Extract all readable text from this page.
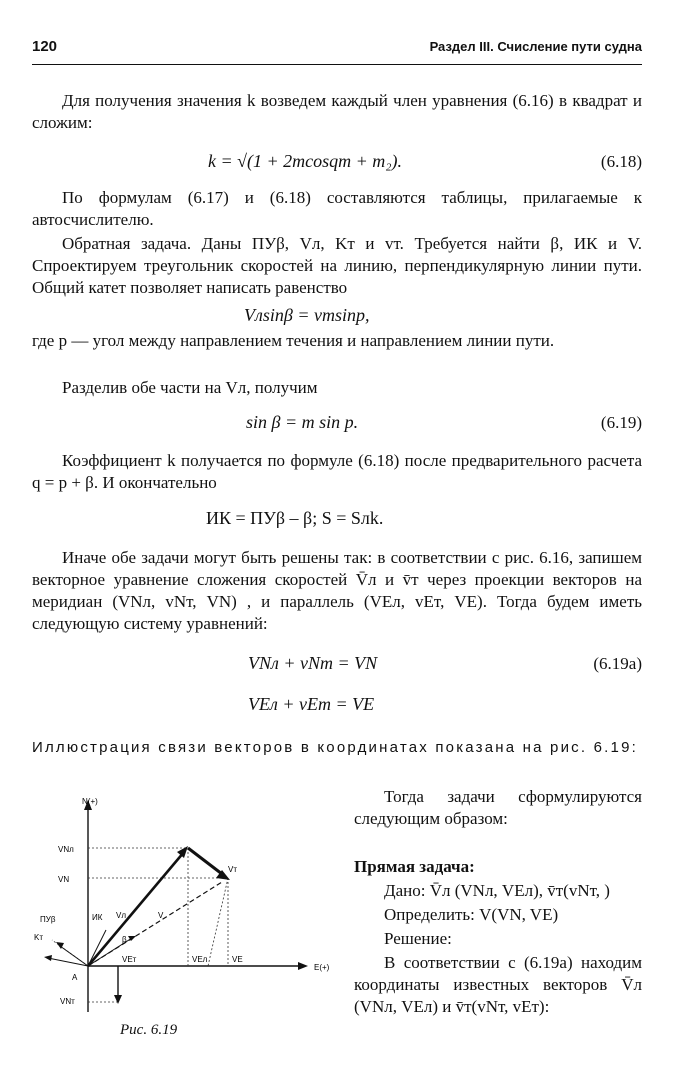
120	Раздел III. Счисление пути судна
Для получения значения k возведем каждый член уравнения (6.16) в квадрат и сложим:
k = √(1 + 2mcosqт + m₂).	(6.18)
По формулам (6.17) и (6.18) составляются таблицы, прилагаемые к автосчислителю.
Обратная задача. Даны ПУβ, Vл, Kт и vт. Требуется найти β, ИК и V. Спроектируем треугольник скоростей на линию, перпендикулярную линии пути. Общий катет позволяет написать равенство
Vлsinβ = vтsinp,
где p — угол между направлением течения и направлением линии пути.
Разделив обе части на Vл, получим
sin β = m sin p.	(6.19)
Коэффициент k получается по формуле (6.18) после предварительного расчета q = p + β. И окончательно
ИК = ПУβ – β; S = Sлk.
Иначе обе задачи могут быть решены так: в соответствии с рис. 6.16, запишем векторное уравнение сложения скоростей V̄л и v̄т через проекции векторов на меридиан (VNл, vNт, VN) , и параллель (VEл, vEт, VE). Тогда будем иметь следующую систему уравнений:
VNл + vNт = VN	(6.19а)
VEл + vEт = VE
Иллюстрация связи векторов в координатах показана на рис. 6.19:
N(+)
E(+)
VNл
VN
ПУβ
Kт
A
VNт
ИК Vл	V
β
Vт
VEт	VEл	VE
Рис. 6.19
Тогда задачи сформулируются следующим образом:
Прямая задача:
Дано: V̄л (VNл, VEл), v̄т(vNт, )
Определить: V(VN, VE)
Решение:
В соответствии с (6.19а) находим координаты известных векторов V̄л (VNл, VEл) и v̄т(vNт, vEт):
